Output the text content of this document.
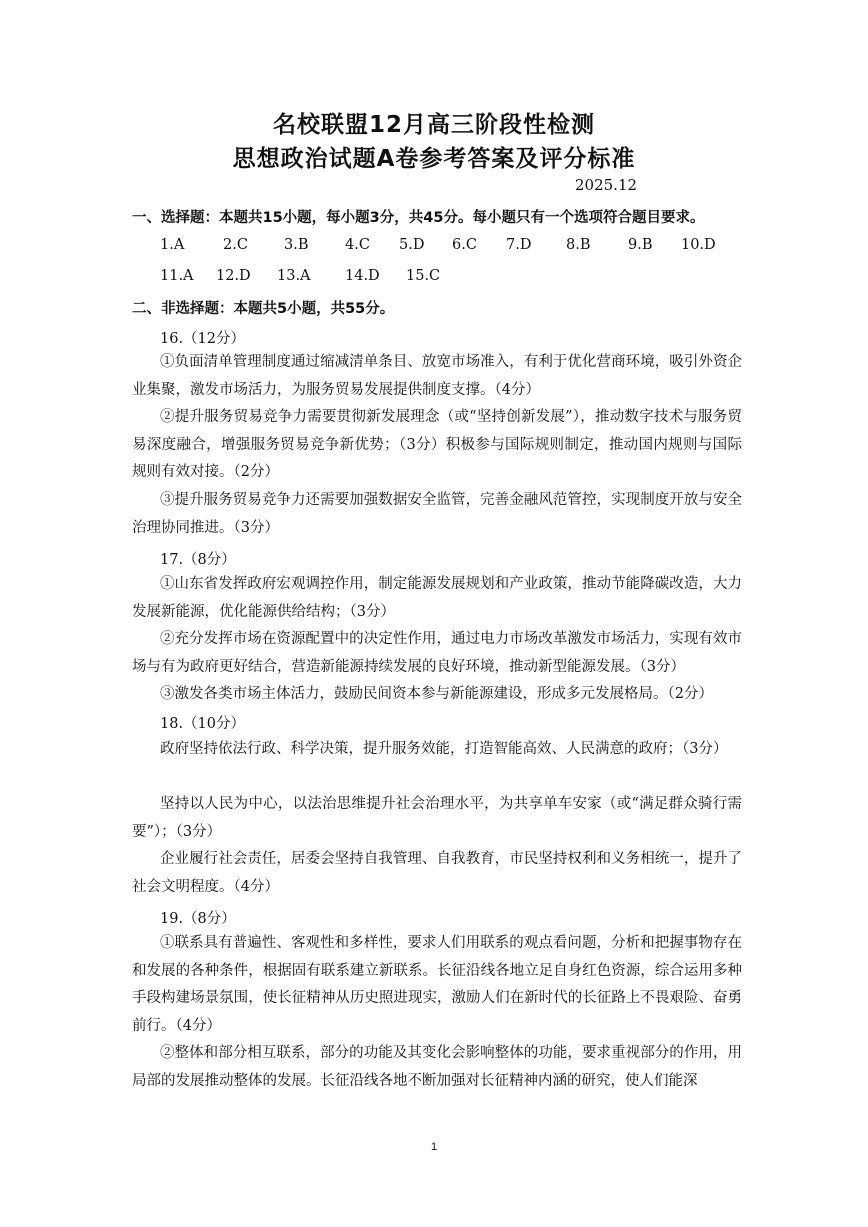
名校联盟12月高三阶段性检测
思想政治试题A卷参考答案及评分标准
2025.12
一、选择题：本题共15小题，每小题3分，共45分。每小题只有一个选项符合题目要求。
1.A	2.C 3.B	4.C 5.D 6.C 7.D 8.B	9.B 10.D
11.A 12.D 13.A 14.D 15.C
二、非选择题：本题共5小题，共55分。
16.（12分）

①负面清单管理制度通过缩减清单条目、放宽市场准入，有利于优化营商环境，吸引外资企业集聚，激发市场活力，为服务贸易发展提供制度支撑。（4分）

②提升服务贸易竞争力需要贯彻新发展理念（或“坚持创新发展”），推动数字技术与服务贸易深度融合，增强服务贸易竞争新优势；（3分）积极参与国际规则制定，推动国内规则与国际规则有效对接。（2分）

③提升服务贸易竞争力还需要加强数据安全监管，完善金融风范管控，实现制度开放与安全治理协同推进。（3分）

17.（8分）

①山东省发挥政府宏观调控作用，制定能源发展规划和产业政策，推动节能降碳改造，大力发展新能源，优化能源供给结构；（3分）

②充分发挥市场在资源配置中的决定性作用，通过电力市场改革激发市场活力，实现有效市场与有为政府更好结合，营造新能源持续发展的良好环境，推动新型能源发展。（3分）

③激发各类市场主体活力，鼓励民间资本参与新能源建设，形成多元发展格局。（2分）

18.（10分）

政府坚持依法行政、科学决策，提升服务效能，打造智能高效、人民满意的政府；（3分）

坚持以人民为中心，以法治思维提升社会治理水平，为共享单车安家（或“满足群众骑行需要”）；（3分）

企业履行社会责任，居委会坚持自我管理、自我教育，市民坚持权利和义务相统一，提升了社会文明程度。（4分）

19.（8分）

①联系具有普遍性、客观性和多样性，要求人们用联系的观点看问题，分析和把握事物存在和发展的各种条件，根据固有联系建立新联系。长征沿线各地立足自身红色资源，综合运用多种手段构建场景氛围，使长征精神从历史照进现实，激励人们在新时代的长征路上不畏艰险、奋勇前行。（4分）

②整体和部分相互联系，部分的功能及其变化会影响整体的功能，要求重视部分的作用，用局部的发展推动整体的发展。长征沿线各地不断加强对长征精神内涵的研究，使人们能深

1
